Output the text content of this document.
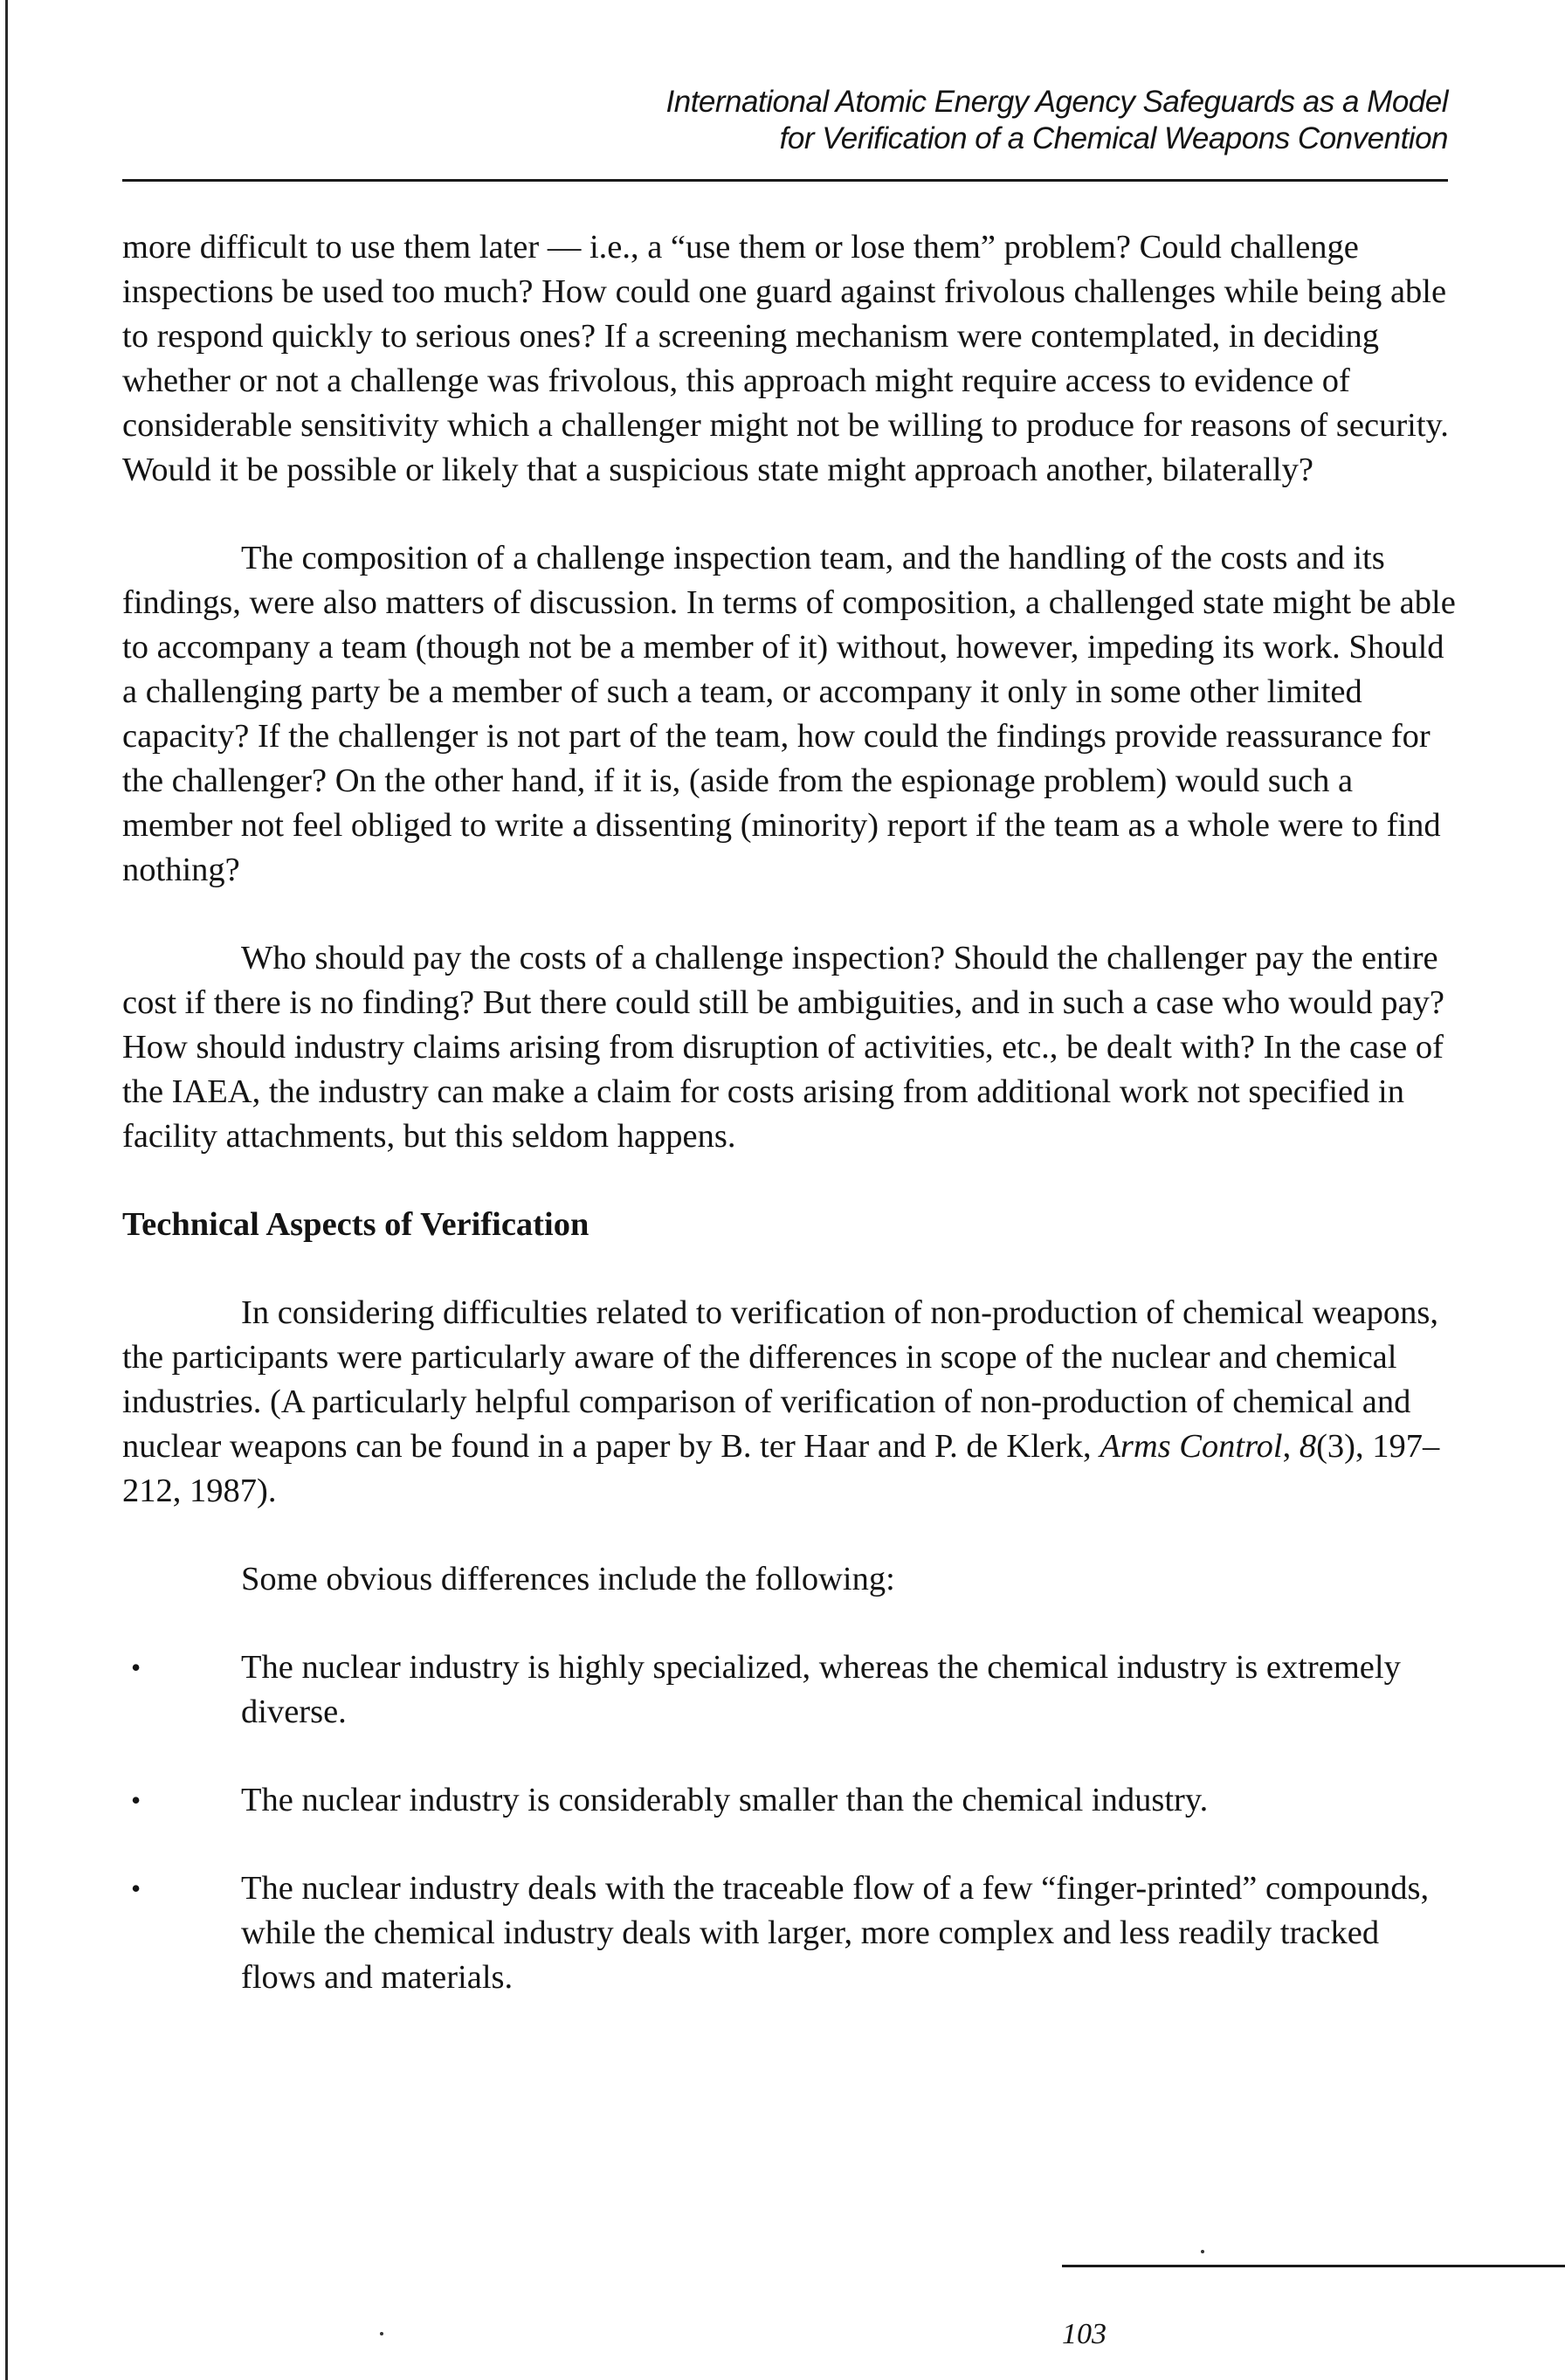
International Atomic Energy Agency Safeguards as a Model
for Verification of a Chemical Weapons Convention

more difficult to use them later — i.e., a “use them or lose them” problem? Could challenge inspections be used too much? How could one guard against frivolous challenges while being able to respond quickly to serious ones? If a screening mechanism were contemplated, in deciding whether or not a challenge was frivolous, this approach might require access to evidence of considerable sensitivity which a challenger might not be willing to produce for reasons of security. Would it be possible or likely that a suspicious state might approach another, bilaterally?

The composition of a challenge inspection team, and the handling of the costs and its findings, were also matters of discussion. In terms of composition, a challenged state might be able to accompany a team (though not be a member of it) without, however, impeding its work. Should a challenging party be a member of such a team, or accompany it only in some other limited capacity? If the challenger is not part of the team, how could the findings provide reassurance for the challenger? On the other hand, if it is, (aside from the espionage problem) would such a member not feel obliged to write a dissenting (minority) report if the team as a whole were to find nothing?

Who should pay the costs of a challenge inspection? Should the challenger pay the entire cost if there is no finding? But there could still be ambiguities, and in such a case who would pay? How should industry claims arising from disruption of activities, etc., be dealt with? In the case of the IAEA, the industry can make a claim for costs arising from additional work not specified in facility attachments, but this seldom happens.

Technical Aspects of Verification

In considering difficulties related to verification of non-production of chemical weapons, the participants were particularly aware of the differences in scope of the nuclear and chemical industries. (A particularly helpful comparison of verification of non-production of chemical and nuclear weapons can be found in a paper by B. ter Haar and P. de Klerk, Arms Control, 8(3), 197–212, 1987).

Some obvious differences include the following:

•	The nuclear industry is highly specialized, whereas the chemical industry is extremely diverse.
•	The nuclear industry is considerably smaller than the chemical industry.
•	The nuclear industry deals with the traceable flow of a few “finger-printed” compounds, while the chemical industry deals with larger, more complex and less readily tracked flows and materials.
103
